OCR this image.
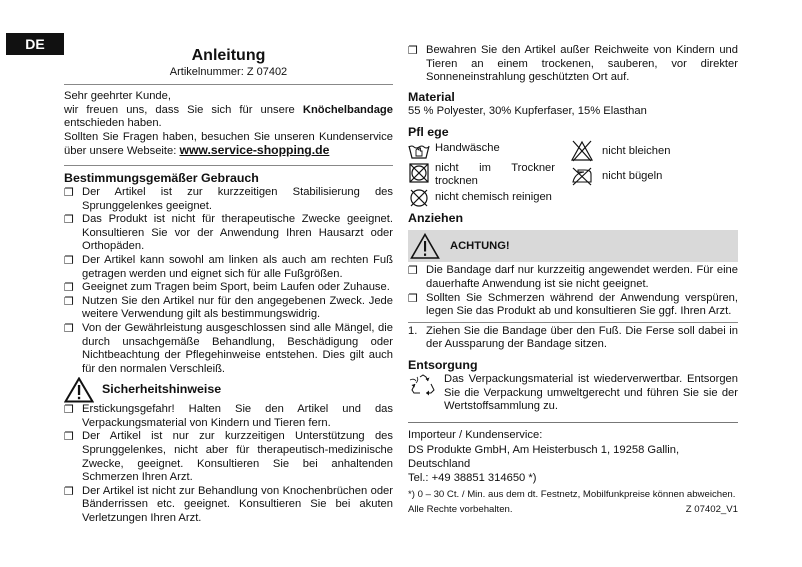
DE
Anleitung
Artikelnummer: Z 07402

Sehr geehrter Kunde,

wir freuen uns, dass Sie sich für unsere Knöchelbandage entschieden haben.

Sollten Sie Fragen haben, besuchen Sie unseren Kundenservice über unsere Webseite: www.service-shopping.de

Bestimmungsgemäßer Gebrauch
❐ Der Artikel ist zur kurzzeitigen Stabilisierung des Sprunggelenkes geeignet.
❐ Das Produkt ist nicht für therapeutische Zwecke geeignet. Konsultieren Sie vor der Anwendung Ihren Hausarzt oder Orthopäden.
❐ Der Artikel kann sowohl am linken als auch am rechten Fuß getragen werden und eignet sich für alle Fußgrößen.
❐ Geeignet zum Tragen beim Sport, beim Laufen oder Zuhause.
❐ Nutzen Sie den Artikel nur für den angegebenen Zweck. Jede weitere Verwendung gilt als bestimmungswidrig.
❐ Von der Gewährleistung ausgeschlossen sind alle Mängel, die durch unsachgemäße Behandlung, Beschädigung oder Nichtbeachtung der Pflegehinweise entstehen. Dies gilt auch für den normalen Verschleiß.
Sicherheitshinweise
❐ Erstickungsgefahr! Halten Sie den Artikel und das Verpackungsmaterial von Kindern und Tieren fern.
❐ Der Artikel ist nur zur kurzzeitigen Unterstützung des Sprunggelenkes, nicht aber für therapeutisch-medizinische Zwecke, geeignet. Konsultieren Sie bei anhaltenden Schmerzen Ihren Arzt.
❐ Der Artikel ist nicht zur Behandlung von Knochenbrüchen oder Bänderrissen etc. geeignet. Konsultieren Sie bei akuten Verletzungen Ihren Arzt.
❐ Bewahren Sie den Artikel außer Reichweite von Kindern und Tieren an einem trockenen, sauberen, vor direkter Sonneneinstrahlung geschützten Ort auf.
Material

55 % Polyester, 30% Kupferfaser, 15% Elasthan

Pfl ege
Handwäsche
nicht im Trockner trocknen
nicht chemisch reinigen
nicht bleichen
nicht bügeln
Anziehen
ACHTUNG!
❐ Die Bandage darf nur kurzzeitig angewendet werden. Für eine dauerhafte Anwendung ist sie nicht geeignet.
❐ Sollten Sie Schmerzen während der Anwendung verspüren, legen Sie das Produkt ab und konsultieren Sie ggf. Ihren Arzt.
1. Ziehen Sie die Bandage über den Fuß. Die Ferse soll dabei in der Aussparung der Bandage sitzen.
Entsorgung

Das Verpackungsmaterial ist wiederverwertbar. Entsorgen Sie die Verpackung umweltgerecht und führen Sie sie der Wertstoffsammlung zu.

Importeur / Kundenservice:

DS Produkte GmbH, Am Heisterbusch 1, 19258 Gallin, Deutschland

Tel.: +49 38851 314650 *)

*) 0 – 30 Ct. / Min. aus dem dt. Festnetz, Mobilfunkpreise können abweichen.

Alle Rechte vorbehalten.	Z 07402_V1
